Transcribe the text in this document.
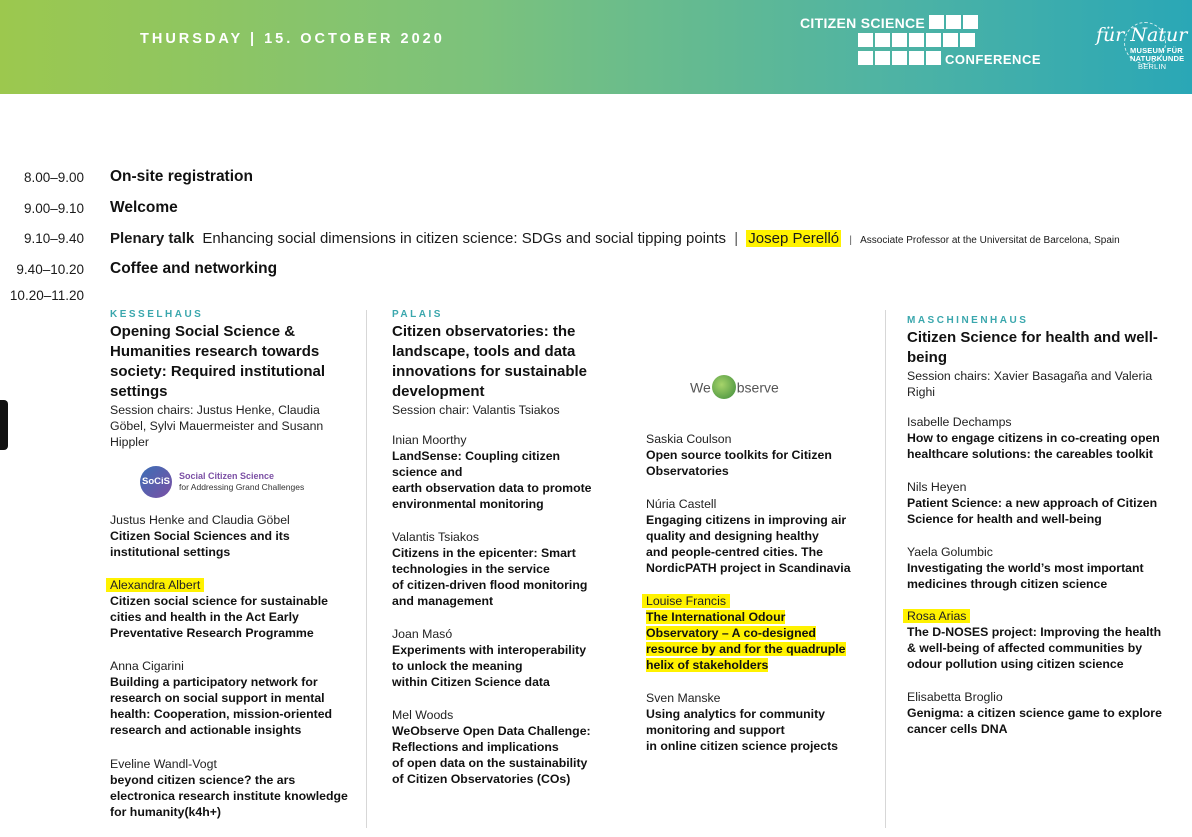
THURSDAY | 15. OCTOBER 2020
CITIZEN SCIENCE
CONFERENCE
für Natur
MUSEUM FÜR
NATURKUNDE
BERLIN
8.00–9.00 On-site registration
9.00–9.10 Welcome
9.10–9.40 Plenary talk Enhancing social dimensions in citizen science: SDGs and social tipping points | Josep Perelló | Associate Professor at the Universitat de Barcelona, Spain
9.40–10.20 Coffee and networking
10.20–11.20
KESSELHAUS
Opening Social Science & Humanities research towards society: Required institutional settings
Session chairs: Justus Henke, Claudia Göbel, Sylvi Mauermeister and Susann Hippler
SoCiS Social Citizen Science
for Addressing Grand Challenges
Justus Henke and Claudia Göbel
Citizen Social Sciences and its
institutional settings
Alexandra Albert
Citizen social science for sustainable
cities and health in the Act Early
Preventative Research Programme
Anna Cigarini
Building a participatory network for
research on social support in mental
health: Cooperation, mission-oriented
research and actionable insights
Eveline Wandl-Vogt
beyond citizen science? the ars
electronica research institute knowledge
for humanity(k4h+)
PALAIS
Citizen observatories: the landscape, tools and data innovations for sustainable development
Session chair: Valantis Tsiakos
Inian Moorthy
LandSense: Coupling citizen
science and
earth observation data to promote
environmental monitoring
Valantis Tsiakos
Citizens in the epicenter: Smart
technologies in the service
of citizen-driven flood monitoring
and management
Joan Masó
Experiments with interoperability
to unlock the meaning
within Citizen Science data
Mel Woods
WeObserve Open Data Challenge:
Reflections and implications
of open data on the sustainability
of Citizen Observatories (COs)
We bserve
Saskia Coulson
Open source toolkits for Citizen
Observatories
Núria Castell
Engaging citizens in improving air
quality and designing healthy
and people-centred cities. The
NordicPATH project in Scandinavia
Louise Francis
The International Odour
Observatory – A co-designed
resource by and for the quadruple
helix of stakeholders
Sven Manske
Using analytics for community
monitoring and support
in online citizen science projects
MASCHINENHAUS
Citizen Science for health and well-being
Session chairs: Xavier Basagaña and Valeria Righi
Isabelle Dechamps
How to engage citizens in co-creating open
healthcare solutions: the careables toolkit
Nils Heyen
Patient Science: a new approach of Citizen
Science for health and well-being
Yaela Golumbic
Investigating the world’s most important
medicines through citizen science
Rosa Arias
The D-NOSES project: Improving the health
& well-being of affected communities by
odour pollution using citizen science
Elisabetta Broglio
Genigma: a citizen science game to explore
cancer cells DNA
